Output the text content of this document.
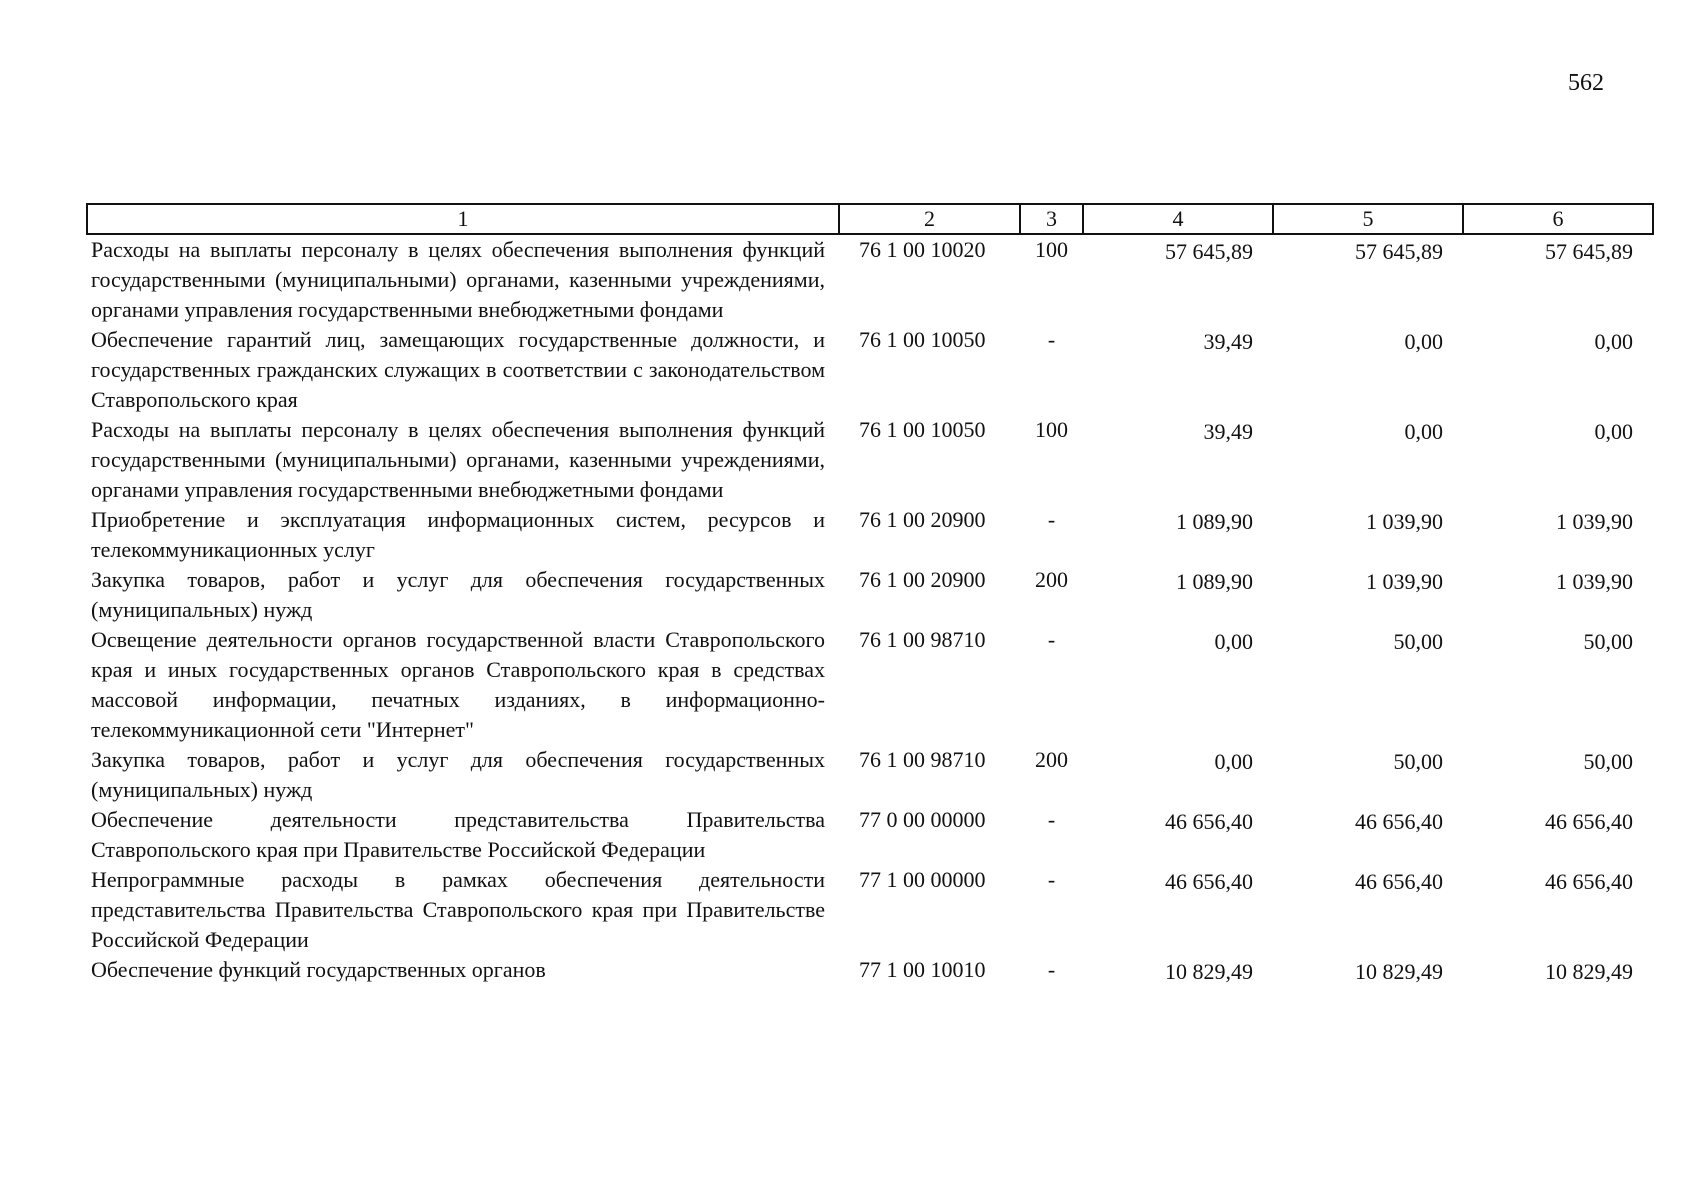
562
1	2	3	4	5	6
Расходы на выплаты персоналу в целях обеспечения выполнения функций государственными (муниципальными) органами, казенными учреждениями, органами управления государственными внебюджетными фондами	76 1 00 10020	100	57 645,89	57 645,89	57 645,89
Обеспечение гарантий лиц, замещающих государственные должности, и государственных гражданских служащих в соответствии с законодательством Ставропольского края	76 1 00 10050	-	39,49	0,00	0,00
Расходы на выплаты персоналу в целях обеспечения выполнения функций государственными (муниципальными) органами, казенными учреждениями, органами управления государственными внебюджетными фондами	76 1 00 10050	100	39,49	0,00	0,00
Приобретение и эксплуатация информационных систем, ресурсов и телекоммуникационных услуг	76 1 00 20900	-	1 089,90	1 039,90	1 039,90
Закупка товаров, работ и услуг для обеспечения государственных (муниципальных) нужд	76 1 00 20900	200	1 089,90	1 039,90	1 039,90
Освещение деятельности органов государственной власти Ставропольского края и иных государственных органов Ставропольского края в средствах массовой информации, печатных изданиях, в информационно-телекоммуникационной сети "Интернет"	76 1 00 98710	-	0,00	50,00	50,00
Закупка товаров, работ и услуг для обеспечения государственных (муниципальных) нужд	76 1 00 98710	200	0,00	50,00	50,00
Обеспечение деятельности представительства Правительства Ставропольского края при Правительстве Российской Федерации	77 0 00 00000	-	46 656,40	46 656,40	46 656,40
Непрограммные расходы в рамках обеспечения деятельности представительства Правительства Ставропольского края при Правительстве Российской Федерации	77 1 00 00000	-	46 656,40	46 656,40	46 656,40
Обеспечение функций государственных органов	77 1 00 10010	-	10 829,49	10 829,49	10 829,49
